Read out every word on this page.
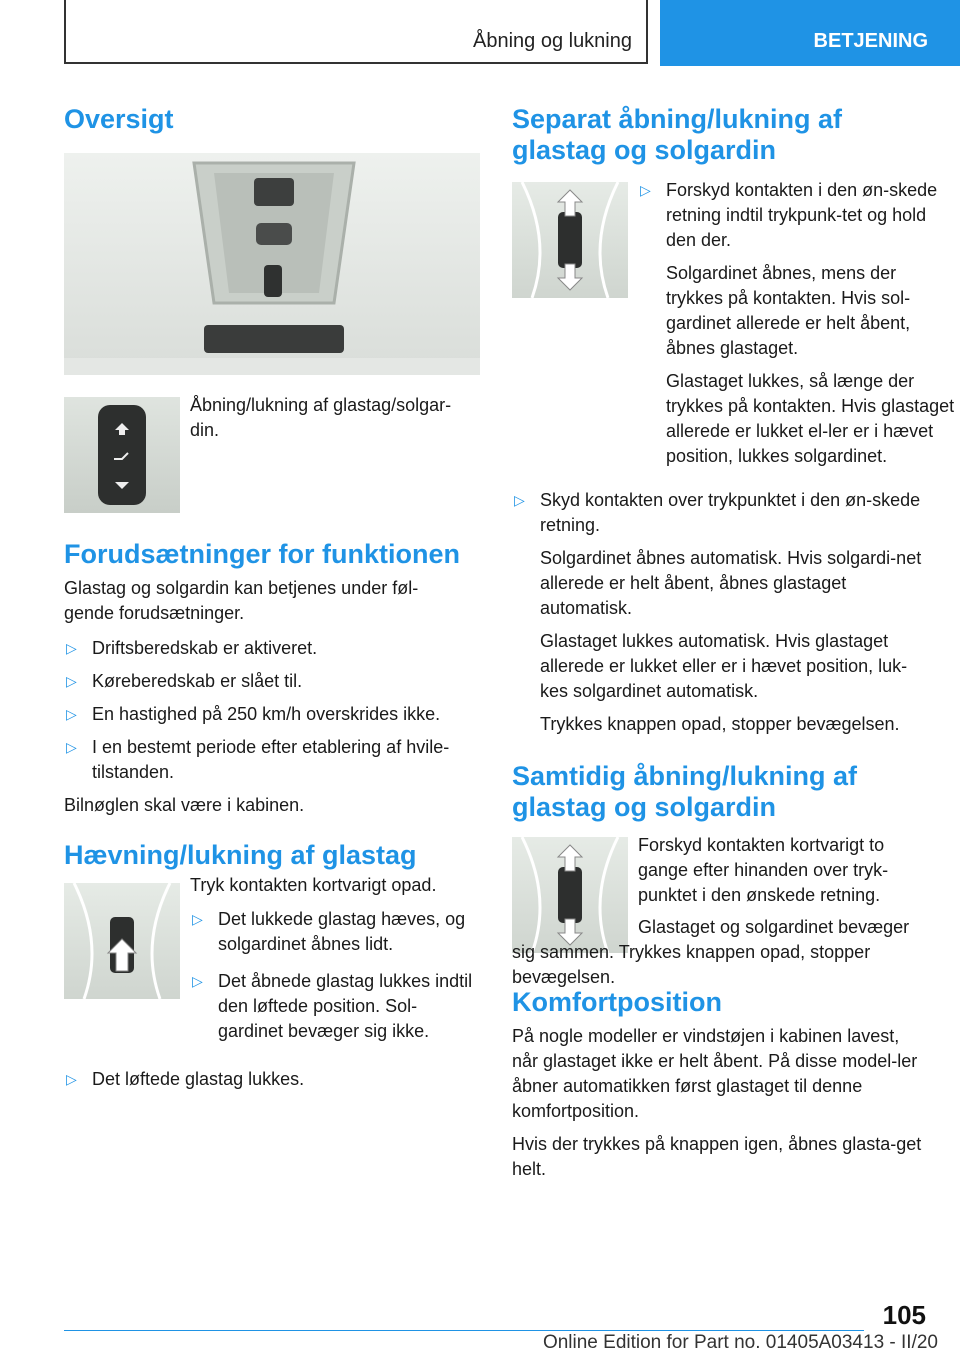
Åbning og lukning	BETJENING
Oversigt

Åbning/lukning af glastag/solgar-din.

Forudsætninger for funktionen

Glastag og solgardin kan betjenes under føl-gende forudsætninger.

▷ Driftsberedskab er aktiveret.
▷ Køreberedskab er slået til.
▷ En hastighed på 250 km/h overskrides ikke.
▷ I en bestemt periode efter etablering af hvile-tilstanden.

Bilnøglen skal være i kabinen.

Hævning/lukning af glastag

Tryk kontakten kortvarigt opad.

▷ Det lukkede glastag hæves, og solgardinet åbnes lidt.
▷ Det åbnede glastag lukkes indtil den løftede position. Sol-gardinet bevæger sig ikke.
▷ Det løftede glastag lukkes.
Separat åbning/lukning af glastag og solgardin
▷ Forskyd kontakten i den øn-skede retning indtil trykpunk-tet og hold den der.

Solgardinet åbnes, mens der trykkes på kontakten. Hvis sol-gardinet allerede er helt åbent, åbnes glastaget.

Glastaget lukkes, så længe der trykkes på kontakten. Hvis glastaget allerede er lukket el-ler er i hævet position, lukkes solgardinet.

▷ Skyd kontakten over trykpunktet i den øn-skede retning.

Solgardinet åbnes automatisk. Hvis solgardi-net allerede er helt åbent, åbnes glastaget automatisk.

Glastaget lukkes automatisk. Hvis glastaget allerede er lukket eller er i hævet position, luk-kes solgardinet automatisk.

Trykkes knappen opad, stopper bevægelsen.

Samtidig åbning/lukning af glastag og solgardin

Forskyd kontakten kortvarigt to gange efter hinanden over tryk-punktet i den ønskede retning.

Glastaget og solgardinet bevæger sig sammen. Trykkes knappen opad, stopper bevægelsen.

Komfortposition

På nogle modeller er vindstøjen i kabinen lavest, når glastaget ikke er helt åbent. På disse model-ler åbner automatikken først glastaget til denne komfortposition.

Hvis der trykkes på knappen igen, åbnes glasta-get helt.

105
Online Edition for Part no. 01405A03413 - II/20
